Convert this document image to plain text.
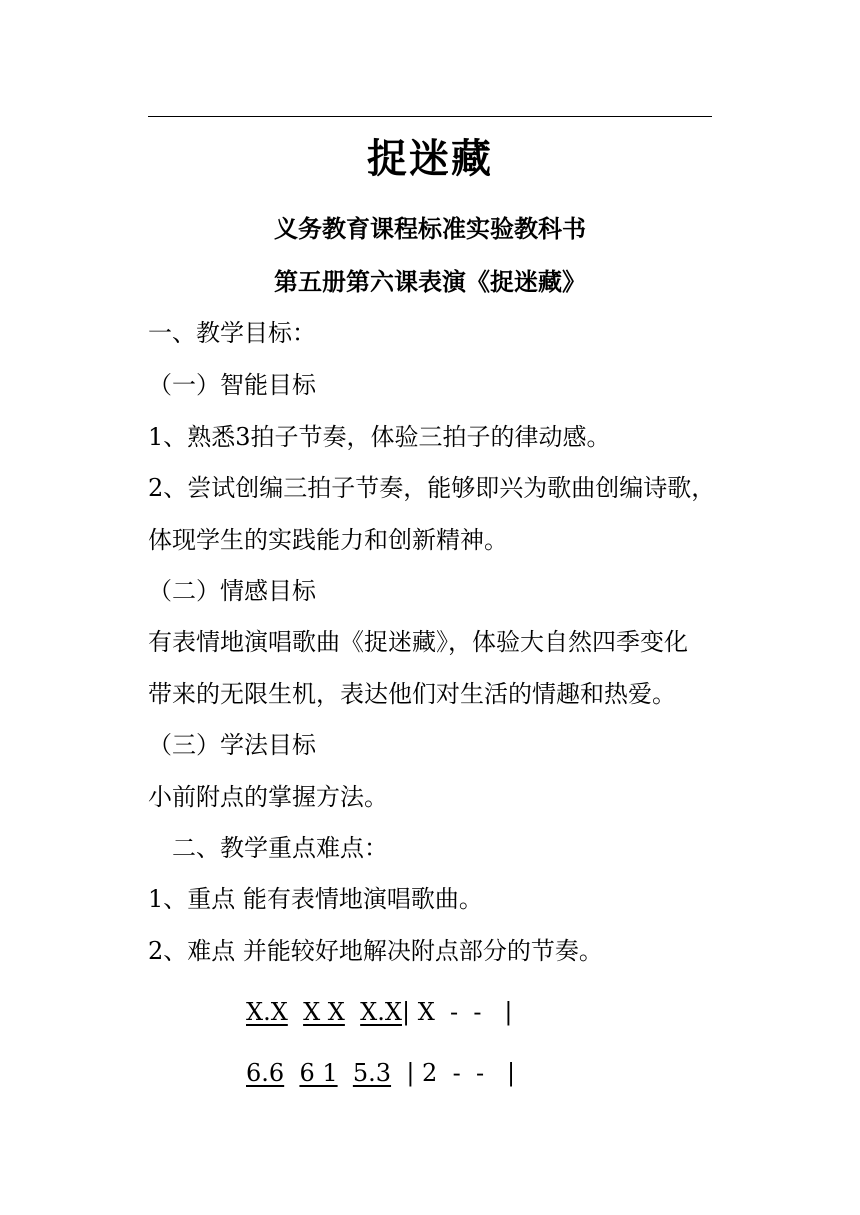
捉迷藏
义务教育课程标准实验教科书
第五册第六课表演《捉迷藏》
一、教学目标：
（一）智能目标
1、熟悉3拍子节奏，体验三拍子的律动感。
2、尝试创编三拍子节奏，能够即兴为歌曲创编诗歌，
体现学生的实践能力和创新精神。
（二）情感目标
有表情地演唱歌曲《捉迷藏》，体验大自然四季变化
带来的无限生机，表达他们对生活的情趣和热爱。
（三）学法目标
小前附点的掌握方法。
　二、教学重点难点：
1、重点 能有表情地演唱歌曲。
2、难点 并能较好地解决附点部分的节奏。
X.X X X X.X| X  -  - |
6.6 6 1 5.3 | 2  -  - |
